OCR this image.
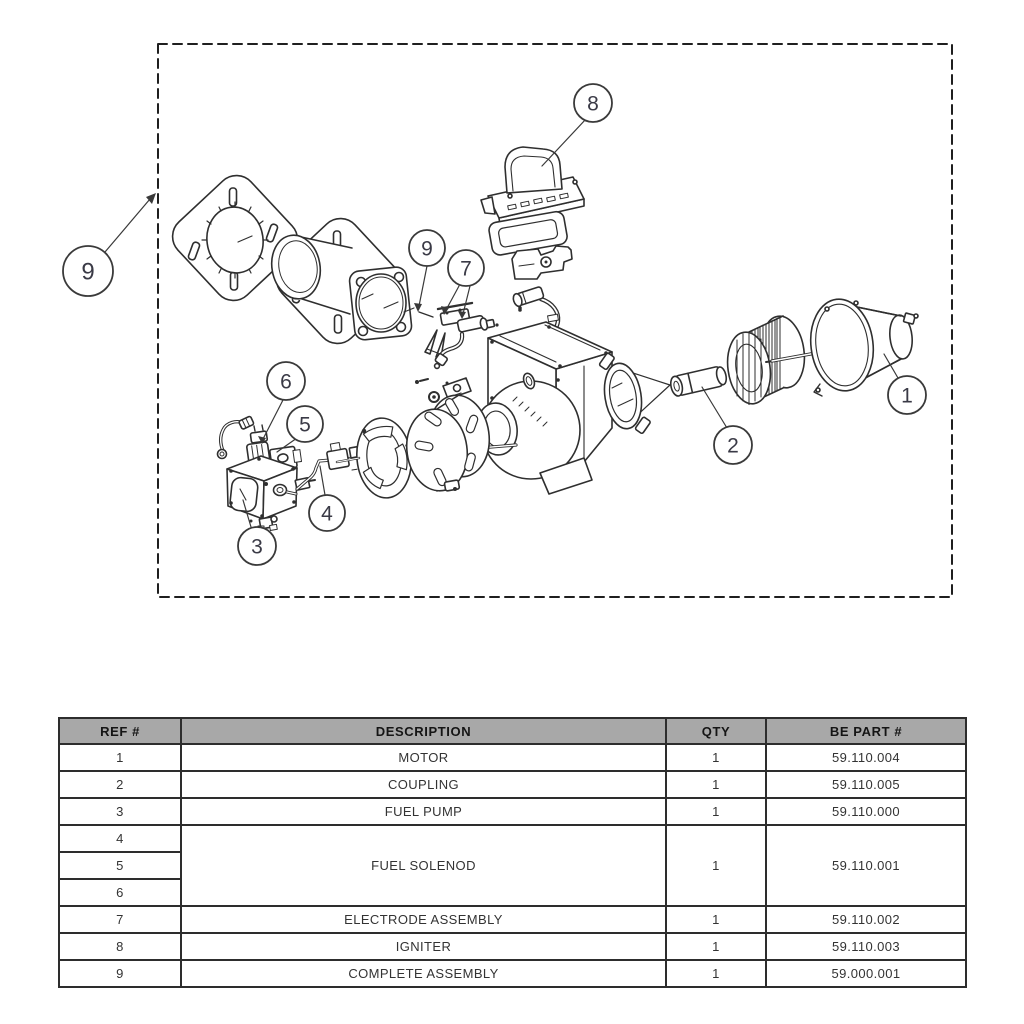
9
8
9
7
6
5
4
3
2
1
REF #	DESCRIPTION	QTY	BE PART #
1	MOTOR	1	59.110.004
2	COUPLING	1	59.110.005
3	FUEL PUMP	1	59.110.000
4	FUEL SOLENOD	1	59.110.001
5			
6			
7	ELECTRODE ASSEMBLY	1	59.110.002
8	IGNITER	1	59.110.003
9	COMPLETE ASSEMBLY	1	59.000.001
